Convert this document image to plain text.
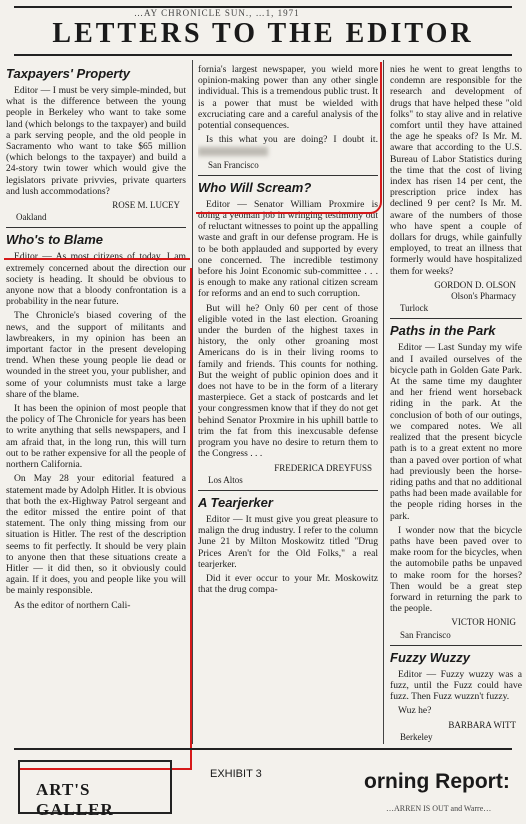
…AY CHRONICLE SUN., …1, 1971
LETTERS TO THE EDITOR
Taxpayers' Property

Editor — I must be very simple-minded, but what is the difference between the young people in Berkeley who want to take some land (which belongs to the taxpayer) and build a park serving people, and the old people in Sacramento who want to take $65 million (which belongs to the taxpayer) and build a 24-story twin tower which would give the legislators private privvies, private quarters and lush accommodations?

ROSE M. LUCEY
Oakland
Who's to Blame

Editor — As most citizens of today, I am extremely concerned about the direction our society is heading. It should be obvious to anyone now that a bloody confrontation is a probability in the near future.

The Chronicle's biased covering of the news, and the support of militants and lawbreakers, in my opinion has been an important factor in the present developing trend. When these young people lie dead or wounded in the street you, your publisher, and some of your columnists must take a large share of the blame.

It has been the opinion of most people that the policy of The Chronicle for years has been to write anything that sells newspapers, and I am afraid that, in the long run, this will turn out to be rather expensive for all the people of northern California.

On May 28 your editorial featured a statement made by Adolph Hitler. It is obvious that both the ex-Highway Patrol sergeant and the editor missed the entire point of that statement. The only thing missing from our situation is Hitler. The rest of the description seems to fit perfectly. It should be very plain to anyone then that these situations create a Hitler — it did then, so it obviously could again. If it does, you and people like you will be mainly responsible.

As the editor of northern Cali-

fornia's largest newspaper, you wield more opinion-making power than any other single individual. This is a tremendous public trust. It is a power that must be wielded with excruciating care and a careful analysis of the potential consequences.

Is this what you are doing? I doubt it.

San Francisco
Who Will Scream?

Editor — Senator William Proxmire is doing a yeoman job in wringing testimony out of reluctant witnesses to point up the appalling waste and graft in our defense program. He is to be both applauded and supported by every one concerned. The incredible testimony before his Joint Economic sub-committee . . . is enough to make any rational citizen scream for reforms and an end to such corruption.

But will he? Only 60 per cent of those eligible voted in the last election. Groaning under the burden of the highest taxes in history, the only other groaning most Americans do is in their living rooms to family and friends. This counts for nothing. But the weight of public opinion does and it does not have to be in the form of a literary masterpiece. Get a stack of postcards and let your congressmen know that if they do not get behind Senator Proxmire in his uphill battle to trim the fat from this inexcusable defense program you have no desire to return them to the Congress . . .

FREDERICA DREYFUSS
Los Altos
A Tearjerker

Editor — It must give you great pleasure to malign the drug industry. I refer to the column June 21 by Milton Moskowitz titled "Drug Prices Aren't for the Old Folks," a real tearjerker.

Did it ever occur to your Mr. Moskowitz that the drug compa-

nies he went to great lengths to condemn are responsible for the research and development of drugs that have helped these "old folks" to stay alive and in relative comfort until they have attained the age he speaks of? Is Mr. M. aware that according to the U.S. Bureau of Labor Statistics during the time that the cost of living index has risen 14 per cent, the prescription price index has declined 9 per cent? Is Mr. M. aware of the numbers of those who have spent a couple of dollars for drugs, while gainfully employed, to treat an illness that formerly would have hospitalized them for weeks?

GORDON D. OLSON
Olson's Pharmacy
Turlock
Paths in the Park

Editor — Last Sunday my wife and I availed ourselves of the bicycle path in Golden Gate Park. At the same time my daughter and her friend went horseback riding in the park. At the conclusion of both of our outings, we compared notes. We all realized that the present bicycle path is to a great extent no more than a paved over portion of what had previously been the horse-riding paths and that no additional paths had been made available for the people riding horses in the park.

I wonder now that the bicycle paths have been paved over to make room for the bicycles, when the automobile paths be unpaved to make room for the horses? Then would be a great step forward in returning the park to the people.

VICTOR HONIG
San Francisco
Fuzzy Wuzzy

Editor — Fuzzy wuzzy was a fuzz, until the Fuzz could have fuzz. Then Fuzz wuzzn't fuzzy.

Wuz he?

BARBARA WITT
Berkeley
ART'S GALLER
EXHIBIT 3	orning Report:
…ARREN IS OUT and Warre…
